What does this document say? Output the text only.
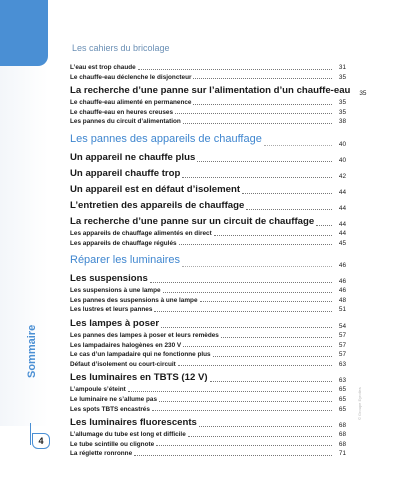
Les cahiers du bricolage
L’eau est trop chaude	31
Le chauffe-eau déclenche le disjoncteur	35
La recherche d’une panne sur l’alimentation d’un chauffe-eau	35
Le chauffe-eau alimenté en permanence	35
Le chauffe-eau en heures creuses	35
Les pannes du circuit d’alimentation	38
Les pannes des appareils de chauffage	40
Un appareil ne chauffe plus	40
Un appareil chauffe trop	42
Un appareil est en défaut d’isolement	44
L’entretien des appareils de chauffage	44
La recherche d’une panne sur un circuit de chauffage	44
Les appareils de chauffage alimentés en direct	44
Les appareils de chauffage régulés	45
Réparer les luminaires	46
Les suspensions	46
Les suspensions à une lampe	46
Les pannes des suspensions à une lampe	48
Les lustres et leurs pannes	51
Les lampes à poser	54
Les pannes des lampes à poser et leurs remèdes	57
Les lampadaires halogènes en 230 V	57
Le cas d’un lampadaire qui ne fonctionne plus	57
Défaut d’isolement ou court-circuit	63
Les luminaires en TBTS (12 V)	63
L’ampoule s’éteint	65
Le luminaire ne s’allume pas	65
Les spots TBTS encastrés	65
Les luminaires fluorescents	68
L’allumage du tube est long et difficile	68
Le tube scintille ou clignote	68
La réglette ronronne	71
Sommaire
4
© Groupe Eyrolles
